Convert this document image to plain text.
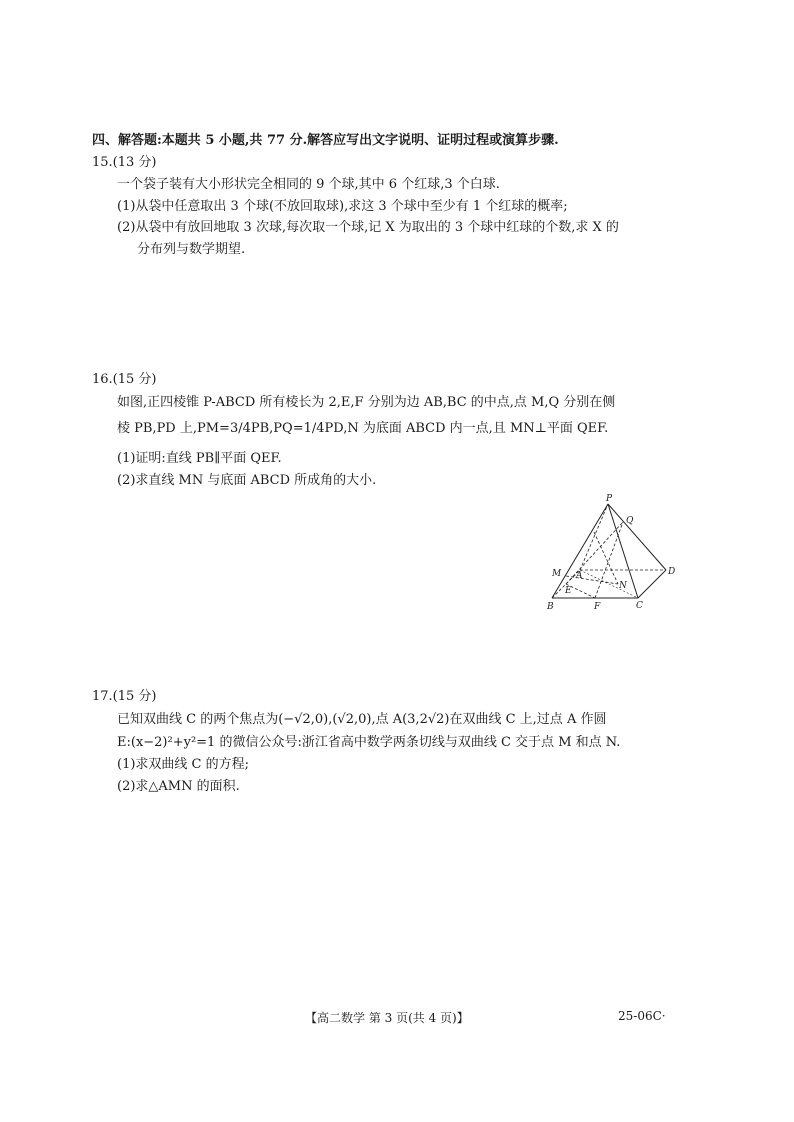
四、解答题:本题共 5 小题,共 77 分.解答应写出文字说明、证明过程或演算步骤.
15.(13 分)
一个袋子装有大小形状完全相同的 9 个球,其中 6 个红球,3 个白球.
(1)从袋中任意取出 3 个球(不放回取球),求这 3 个球中至少有 1 个红球的概率;
(2)从袋中有放回地取 3 次球,每次取一个球,记 X 为取出的 3 个球中红球的个数,求 X 的
分布列与数学期望.
16.(15 分)
如图,正四棱锥 P-ABCD 所有棱长为 2,E,F 分别为边 AB,BC 的中点,点 M,Q 分别在侧
棱 PB,PD 上,PM=3/4PB,PQ=1/4PD,N 为底面 ABCD 内一点,且 MN⊥平面 QEF.
(1)证明:直线 PB∥平面 QEF.
(2)求直线 MN 与底面 ABCD 所成角的大小.
P
Q
M A	D
N
E
B	F	C
17.(15 分)
已知双曲线 C 的两个焦点为(−√2,0),(√2,0),点 A(3,2√2)在双曲线 C 上,过点 A 作圆
E:(x−2)²+y²=1 的微信公众号:浙江省高中数学两条切线与双曲线 C 交于点 M 和点 N.
(1)求双曲线 C 的方程;
(2)求△AMN 的面积.
【高二数学 第 3 页(共 4 页)】	25-06C·
